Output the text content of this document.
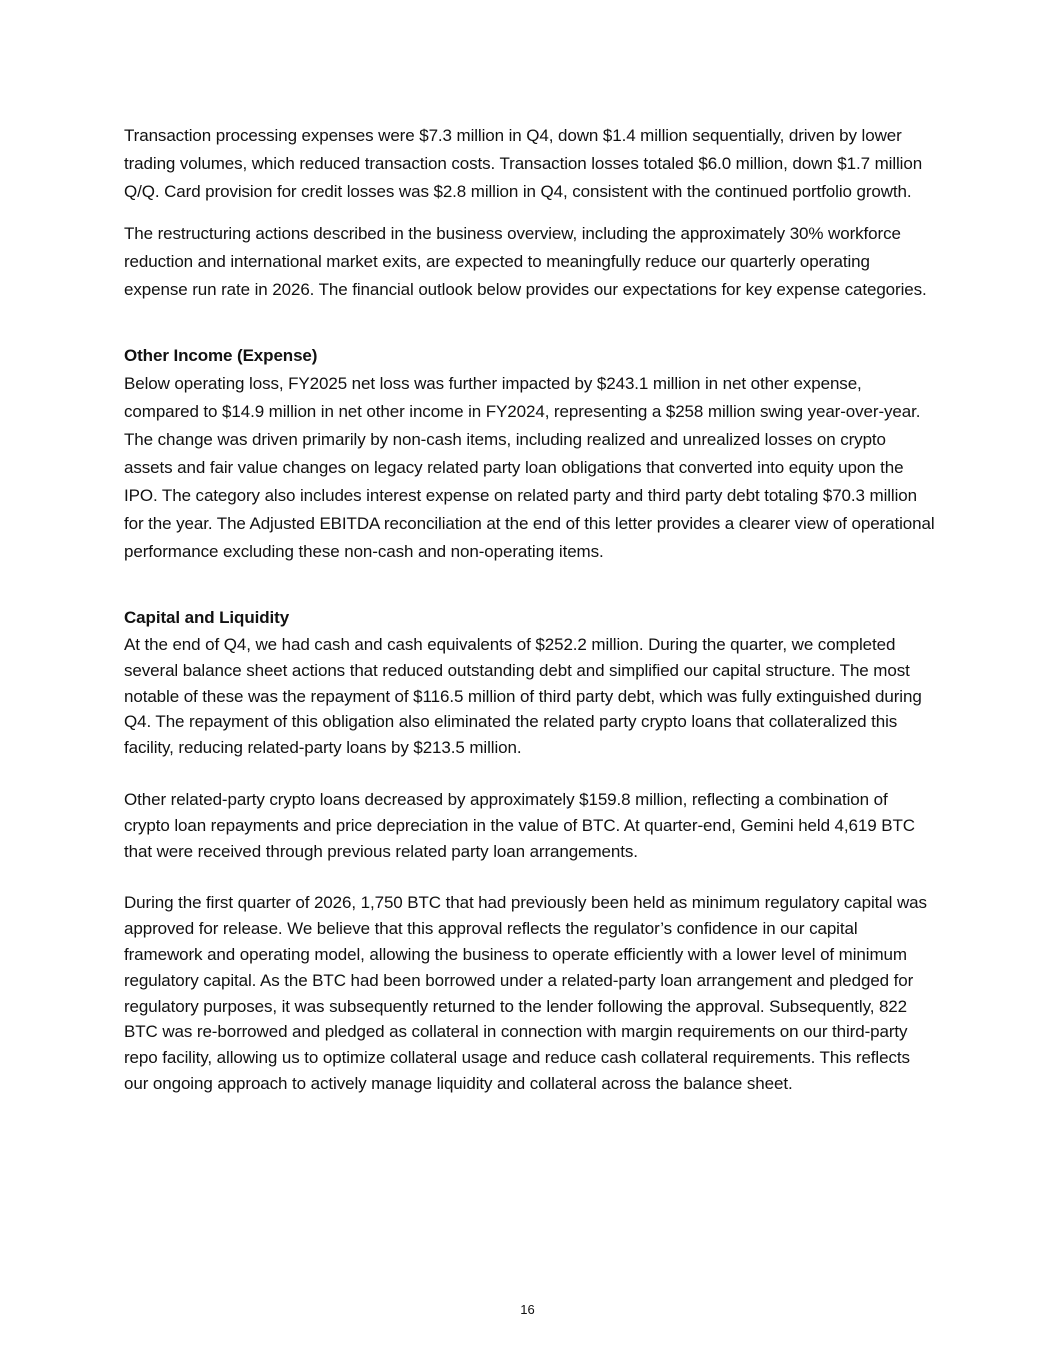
Transaction processing expenses were $7.3 million in Q4, down $1.4 million sequentially, driven by lower trading volumes, which reduced transaction costs. Transaction losses totaled $6.0 million, down $1.7 million Q/Q. Card provision for credit losses was $2.8 million in Q4, consistent with the continued portfolio growth.

The restructuring actions described in the business overview, including the approximately 30% workforce reduction and international market exits, are expected to meaningfully reduce our quarterly operating expense run rate in 2026. The financial outlook below provides our expectations for key expense categories.

Other Income (Expense)

Below operating loss, FY2025 net loss was further impacted by $243.1 million in net other expense, compared to $14.9 million in net other income in FY2024, representing a $258 million swing year-over-year. The change was driven primarily by non-cash items, including realized and unrealized losses on crypto assets and fair value changes on legacy related party loan obligations that converted into equity upon the IPO. The category also includes interest expense on related party and third party debt totaling $70.3 million for the year. The Adjusted EBITDA reconciliation at the end of this letter provides a clearer view of operational performance excluding these non-cash and non-operating items.

Capital and Liquidity

At the end of Q4, we had cash and cash equivalents of $252.2 million. During the quarter, we completed several balance sheet actions that reduced outstanding debt and simplified our capital structure. The most notable of these was the repayment of $116.5 million of third party debt, which was fully extinguished during Q4. The repayment of this obligation also eliminated the related party crypto loans that collateralized this facility, reducing related-party loans by $213.5 million.

Other related-party crypto loans decreased by approximately $159.8 million, reflecting a combination of crypto loan repayments and price depreciation in the value of BTC. At quarter-end, Gemini held 4,619 BTC that were received through previous related party loan arrangements.

During the first quarter of 2026, 1,750 BTC that had previously been held as minimum regulatory capital was approved for release. We believe that this approval reflects the regulator’s confidence in our capital framework and operating model, allowing the business to operate efficiently with a lower level of minimum regulatory capital. As the BTC had been borrowed under a related-party loan arrangement and pledged for regulatory purposes, it was subsequently returned to the lender following the approval. Subsequently, 822 BTC was re-borrowed and pledged as collateral in connection with margin requirements on our third-party repo facility, allowing us to optimize collateral usage and reduce cash collateral requirements. This reflects our ongoing approach to actively manage liquidity and collateral across the balance sheet.

16
